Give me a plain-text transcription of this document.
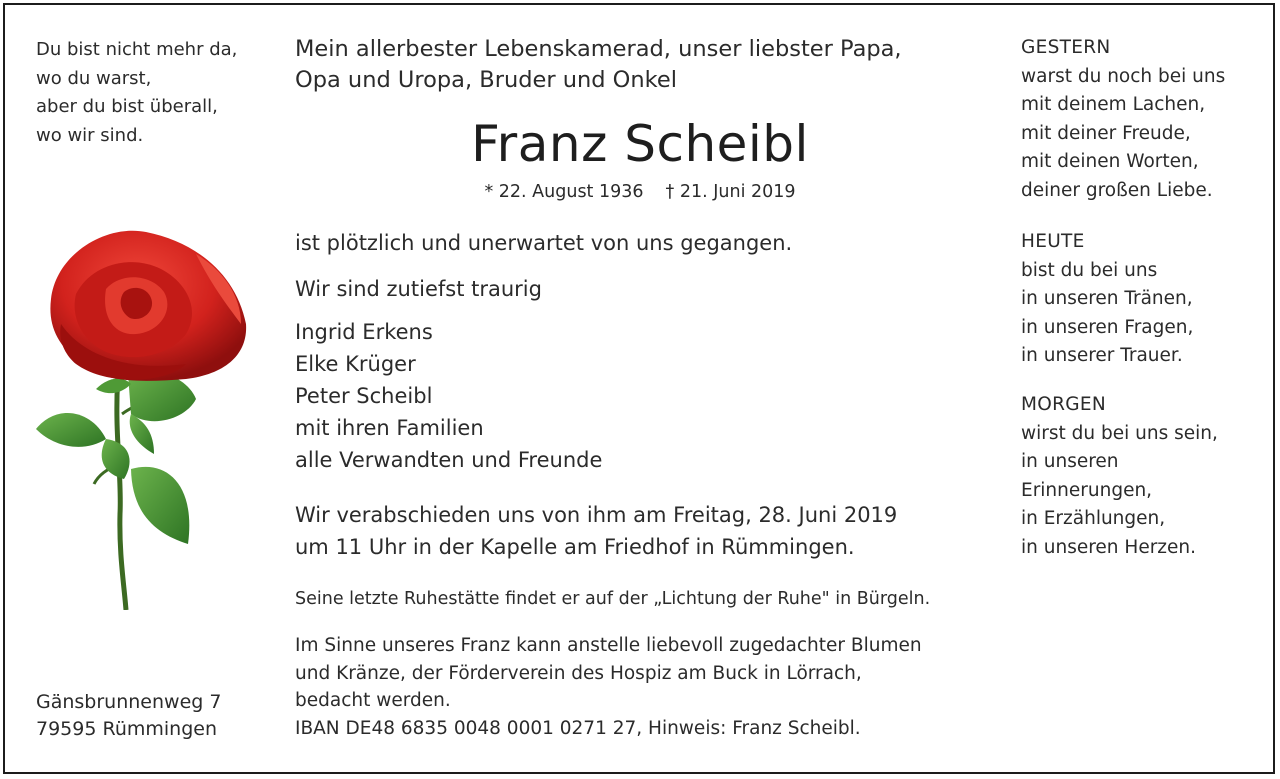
Du bist nicht mehr da,
wo du warst,
aber du bist überall,
wo wir sind.
Gänsbrunnenweg 7
79595 Rümmingen
Mein allerbester Lebenskamerad, unser liebster Papa,
Opa und Uropa, Bruder und Onkel
Franz Scheibl
* 22. August 1936 † 21. Juni 2019
ist plötzlich und unerwartet von uns gegangen.
Wir sind zutiefst traurig
Ingrid Erkens
Elke Krüger
Peter Scheibl
mit ihren Familien
alle Verwandten und Freunde
Wir verabschieden uns von ihm am Freitag, 28. Juni 2019
um 11 Uhr in der Kapelle am Friedhof in Rümmingen.
Seine letzte Ruhestätte findet er auf der „Lichtung der Ruhe" in Bürgeln.
Im Sinne unseres Franz kann anstelle liebevoll zugedachter Blumen
und Kränze, der Förderverein des Hospiz am Buck in Lörrach,
bedacht werden.
IBAN DE48 6835 0048 0001 0271 27, Hinweis: Franz Scheibl.
GESTERN
warst du noch bei uns
mit deinem Lachen,
mit deiner Freude,
mit deinen Worten,
deiner großen Liebe.
HEUTE
bist du bei uns
in unseren Tränen,
in unseren Fragen,
in unserer Trauer.
MORGEN
wirst du bei uns sein,
in unseren
Erinnerungen,
in Erzählungen,
in unseren Herzen.
